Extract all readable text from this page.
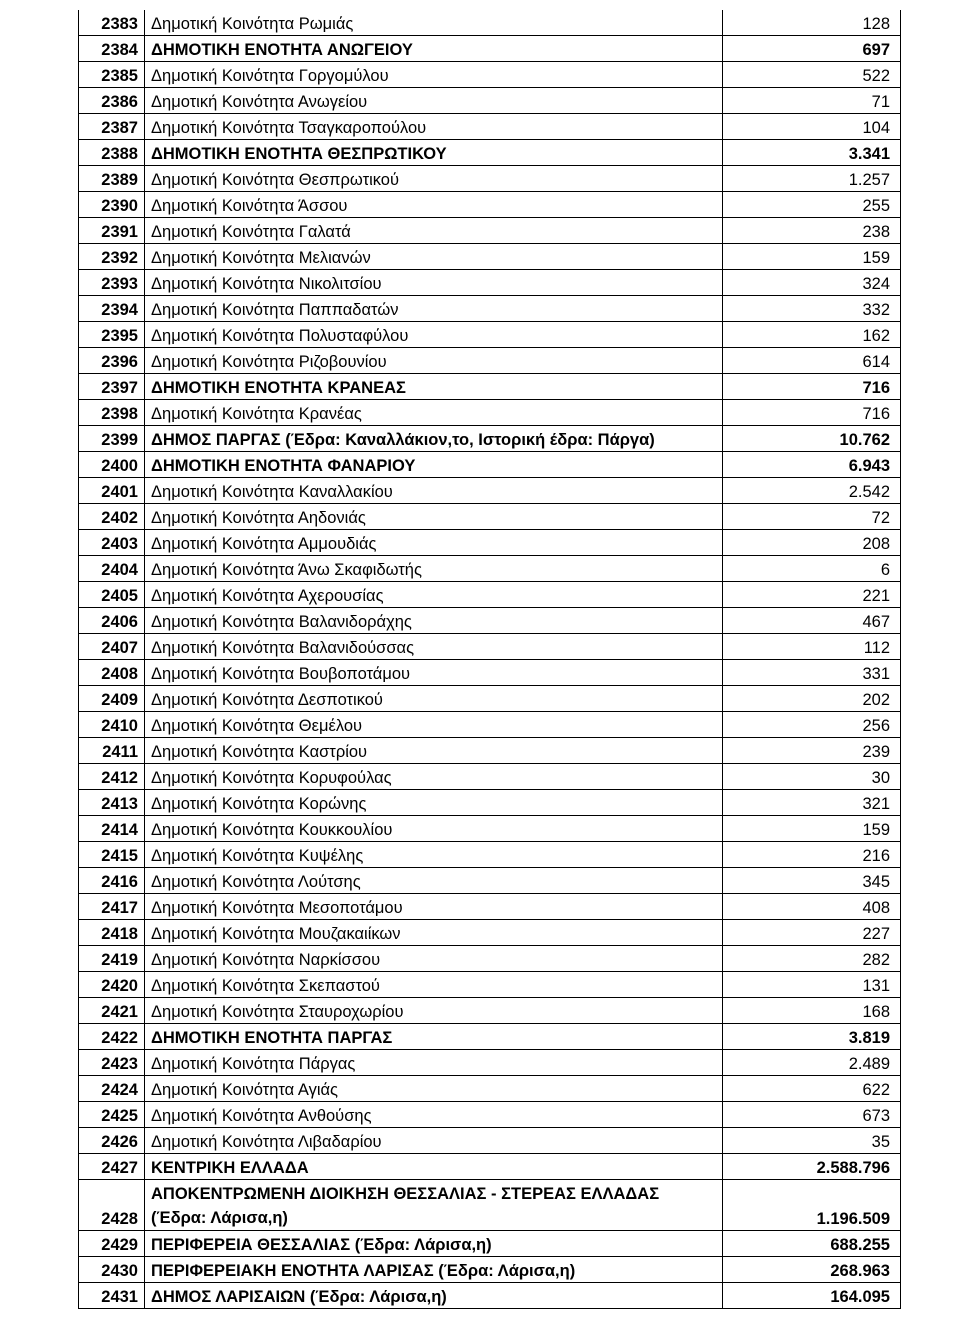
2383	Δημοτική Κοινότητα Ρωμιάς	128
2384	ΔΗΜΟΤΙΚΗ ΕΝΟΤΗΤΑ ΑΝΩΓΕΙΟΥ	697
2385	Δημοτική Κοινότητα Γοργομύλου	522
2386	Δημοτική Κοινότητα Ανωγείου	71
2387	Δημοτική Κοινότητα Τσαγκαροπούλου	104
2388	ΔΗΜΟΤΙΚΗ ΕΝΟΤΗΤΑ ΘΕΣΠΡΩΤΙΚΟΥ	3.341
2389	Δημοτική Κοινότητα Θεσπρωτικού	1.257
2390	Δημοτική Κοινότητα Άσσου	255
2391	Δημοτική Κοινότητα Γαλατά	238
2392	Δημοτική Κοινότητα Μελιανών	159
2393	Δημοτική Κοινότητα Νικολιτσίου	324
2394	Δημοτική Κοινότητα Παππαδατών	332
2395	Δημοτική Κοινότητα Πολυσταφύλου	162
2396	Δημοτική Κοινότητα Ριζοβουνίου	614
2397	ΔΗΜΟΤΙΚΗ ΕΝΟΤΗΤΑ ΚΡΑΝΕΑΣ	716
2398	Δημοτική Κοινότητα Κρανέας	716
2399	ΔΗΜΟΣ ΠΑΡΓΑΣ (Έδρα: Καναλλάκιον,το, Ιστορική έδρα: Πάργα)	10.762
2400	ΔΗΜΟΤΙΚΗ ΕΝΟΤΗΤΑ ΦΑΝΑΡΙΟΥ	6.943
2401	Δημοτική Κοινότητα Καναλλακίου	2.542
2402	Δημοτική Κοινότητα Αηδονιάς	72
2403	Δημοτική Κοινότητα Αμμουδιάς	208
2404	Δημοτική Κοινότητα Άνω Σκαφιδωτής	6
2405	Δημοτική Κοινότητα Αχερουσίας	221
2406	Δημοτική Κοινότητα Βαλανιδοράχης	467
2407	Δημοτική Κοινότητα Βαλανιδούσσας	112
2408	Δημοτική Κοινότητα Βουβοποτάμου	331
2409	Δημοτική Κοινότητα Δεσποτικού	202
2410	Δημοτική Κοινότητα Θεμέλου	256
2411	Δημοτική Κοινότητα Καστρίου	239
2412	Δημοτική Κοινότητα Κορυφούλας	30
2413	Δημοτική Κοινότητα Κορώνης	321
2414	Δημοτική Κοινότητα Κουκκουλίου	159
2415	Δημοτική Κοινότητα Κυψέλης	216
2416	Δημοτική Κοινότητα Λούτσης	345
2417	Δημοτική Κοινότητα Μεσοποτάμου	408
2418	Δημοτική Κοινότητα Μουζακαιίκων	227
2419	Δημοτική Κοινότητα Ναρκίσσου	282
2420	Δημοτική Κοινότητα Σκεπαστού	131
2421	Δημοτική Κοινότητα Σταυροχωρίου	168
2422	ΔΗΜΟΤΙΚΗ ΕΝΟΤΗΤΑ ΠΑΡΓΑΣ	3.819
2423	Δημοτική Κοινότητα Πάργας	2.489
2424	Δημοτική Κοινότητα Αγιάς	622
2425	Δημοτική Κοινότητα Ανθούσης	673
2426	Δημοτική Κοινότητα Λιβαδαρίου	35
2427	ΚΕΝΤΡΙΚΗ ΕΛΛΑΔΑ	2.588.796
2428	ΑΠΟΚΕΝΤΡΩΜΕΝΗ ΔΙΟΙΚΗΣΗ ΘΕΣΣΑΛΙΑΣ - ΣΤΕΡΕΑΣ ΕΛΛΑΔΑΣ (Έδρα: Λάρισα,η)	1.196.509
2429	ΠΕΡΙΦΕΡΕΙΑ ΘΕΣΣΑΛΙΑΣ (Έδρα: Λάρισα,η)	688.255
2430	ΠΕΡΙΦΕΡΕΙΑΚΗ ΕΝΟΤΗΤΑ ΛΑΡΙΣΑΣ (Έδρα: Λάρισα,η)	268.963
2431	ΔΗΜΟΣ ΛΑΡΙΣΑΙΩΝ (Έδρα: Λάρισα,η)	164.095
